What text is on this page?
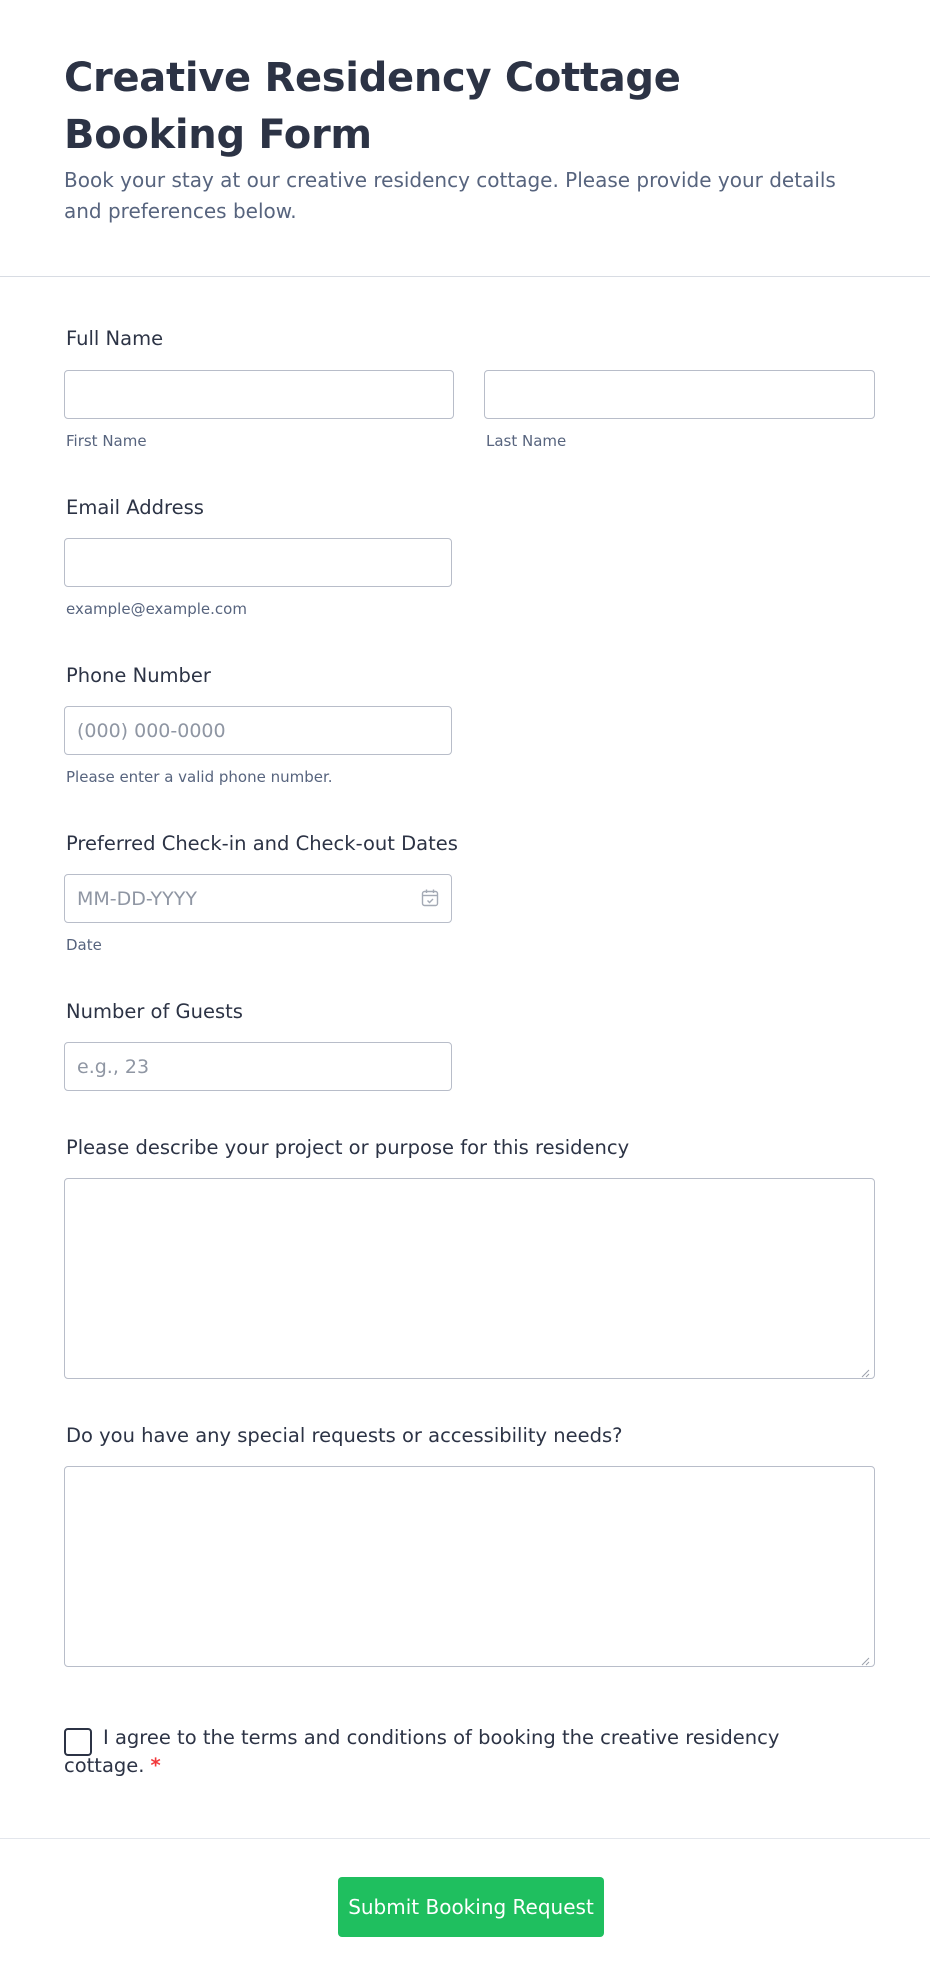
Creative Residency Cottage Booking Form

Book your stay at our creative residency cottage. Please provide your details and preferences below.

Full Name
First Name	Last Name
Email Address
example@example.com
Phone Number
(000) 000-0000
Please enter a valid phone number.
Preferred Check-in and Check-out Dates
MM-DD-YYYY
Date
Number of Guests
e.g., 23
Please describe your project or purpose for this residency
Do you have any special requests or accessibility needs?
I agree to the terms and conditions of booking the creative residency cottage. *
Submit Booking Request
